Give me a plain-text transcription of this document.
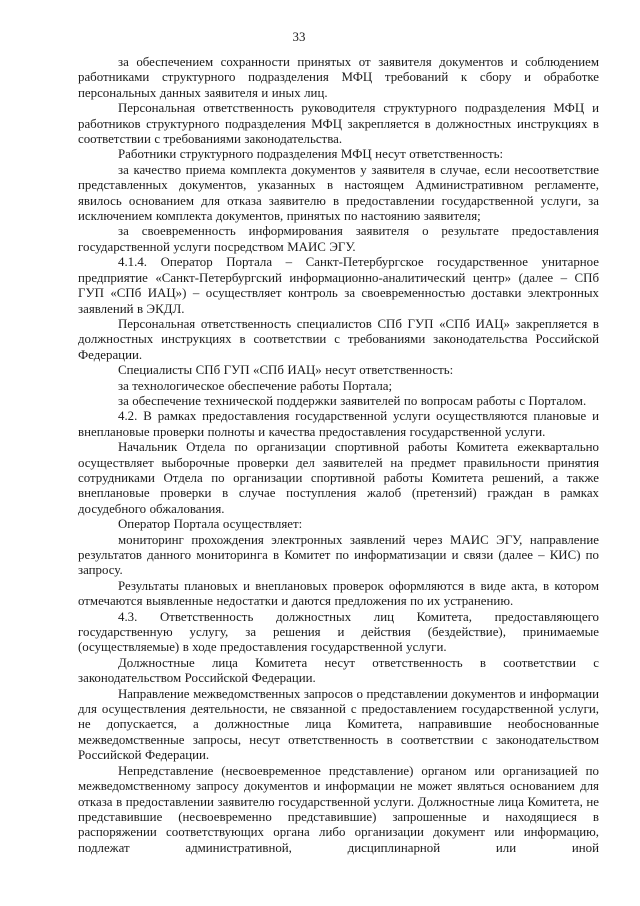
33

за обеспечением сохранности принятых от заявителя документов и соблюдением работниками структурного подразделения МФЦ требований к сбору и обработке персональных данных заявителя и иных лиц.

Персональная ответственность руководителя структурного подразделения МФЦ и работников структурного подразделения МФЦ закрепляется в должностных инструкциях в соответствии с требованиями законодательства.

Работники структурного подразделения МФЦ несут ответственность:

за качество приема комплекта документов у заявителя в случае, если несоответствие представленных документов, указанных в настоящем Административном регламенте, явилось основанием для отказа заявителю в предоставлении государственной услуги, за исключением комплекта документов, принятых по настоянию заявителя;

за своевременность информирования заявителя о результате предоставления государственной услуги посредством МАИС ЭГУ.

4.1.4. Оператор Портала – Санкт-Петербургское государственное унитарное предприятие «Санкт-Петербургский информационно-аналитический центр» (далее – СПб ГУП «СПб ИАЦ») – осуществляет контроль за своевременностью доставки электронных заявлений в ЭКДЛ.

Персональная ответственность специалистов СПб ГУП «СПб ИАЦ» закрепляется в должностных инструкциях в соответствии с требованиями законодательства Российской Федерации.

Специалисты СПб ГУП «СПб ИАЦ» несут ответственность:

за технологическое обеспечение работы Портала;

за обеспечение технической поддержки заявителей по вопросам работы с Порталом.

4.2. В рамках предоставления государственной услуги осуществляются плановые и внеплановые проверки полноты и качества предоставления государственной услуги.

Начальник Отдела по организации спортивной работы Комитета ежеквартально осуществляет выборочные проверки дел заявителей на предмет правильности принятия сотрудниками Отдела по организации спортивной работы Комитета решений, а также внеплановые проверки в случае поступления жалоб (претензий) граждан в рамках досудебного обжалования.

Оператор Портала осуществляет:

мониторинг прохождения электронных заявлений через МАИС ЭГУ, направление результатов данного мониторинга в Комитет по информатизации и связи (далее – КИС) по запросу.

Результаты плановых и внеплановых проверок оформляются в виде акта, в котором отмечаются выявленные недостатки и даются предложения по их устранению.

4.3. Ответственность должностных лиц Комитета, предоставляющего государственную услугу, за решения и действия (бездействие), принимаемые (осуществляемые) в ходе предоставления государственной услуги.

Должностные лица Комитета несут ответственность в соответствии с законодательством Российской Федерации.

Направление межведомственных запросов о представлении документов и информации для осуществления деятельности, не связанной с предоставлением государственной услуги, не допускается, а должностные лица Комитета, направившие необоснованные межведомственные запросы, несут ответственность в соответствии с законодательством Российской Федерации.

Непредставление (несвоевременное представление) органом или организацией по межведомственному запросу документов и информации не может являться основанием для отказа в предоставлении заявителю государственной услуги. Должностные лица Комитета, не представившие (несвоевременно представившие) запрошенные и находящиеся в распоряжении соответствующих органа либо организации документ или информацию, подлежат административной, дисциплинарной или иной
